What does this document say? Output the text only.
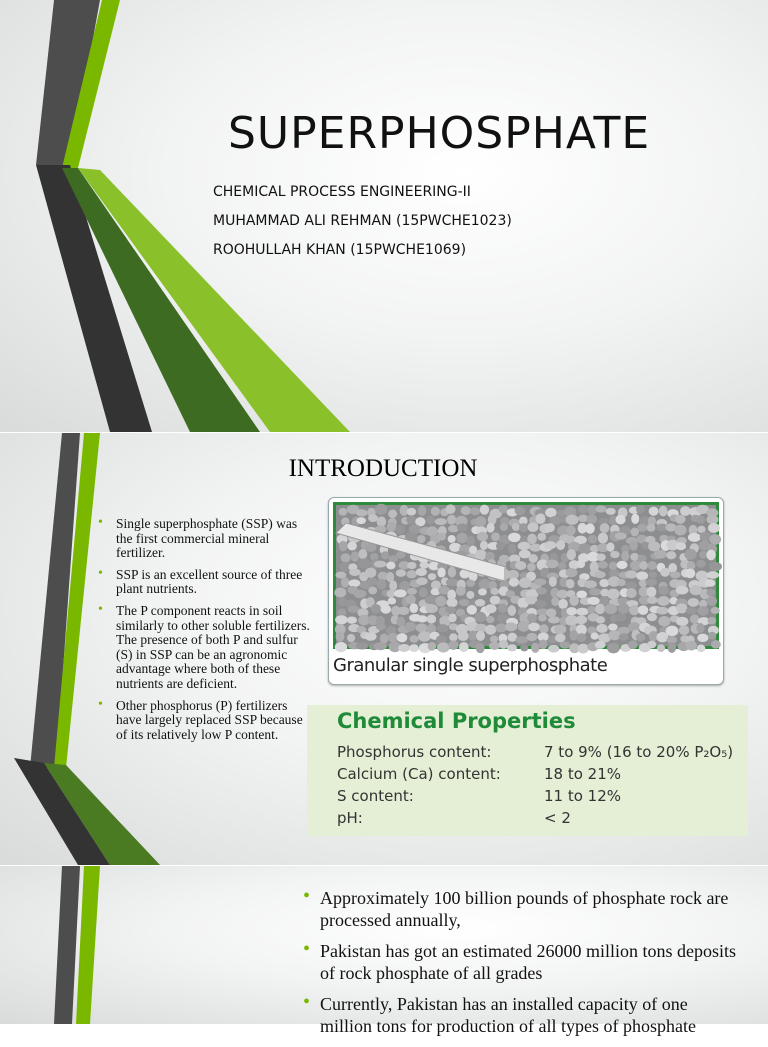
SUPERPHOSPHATE
CHEMICAL PROCESS ENGINEERING-II
MUHAMMAD ALI REHMAN (15PWCHE1023)
ROOHULLAH KHAN (15PWCHE1069)
INTRODUCTION
• Single superphosphate (SSP) was the first commercial mineral fertilizer.
• SSP is an excellent source of three plant nutrients.
• The P component reacts in soil similarly to other soluble fertilizers. The presence of both P and sulfur (S) in SSP can be an agronomic advantage where both of these nutrients are deficient.
• Other phosphorus (P) fertilizers have largely replaced SSP because of its relatively low P content.
Granular single superphosphate
Chemical Properties
Phosphorus content:	7 to 9% (16 to 20% P₂O₅)
Calcium (Ca) content:	18 to 21%
S content:	11 to 12%
pH:	< 2
• Approximately 100 billion pounds of phosphate rock are processed annually,
• Pakistan has got an estimated 26000 million tons deposits of rock phosphate of all grades
• Currently, Pakistan has an installed capacity of one million tons for production of all types of phosphate
